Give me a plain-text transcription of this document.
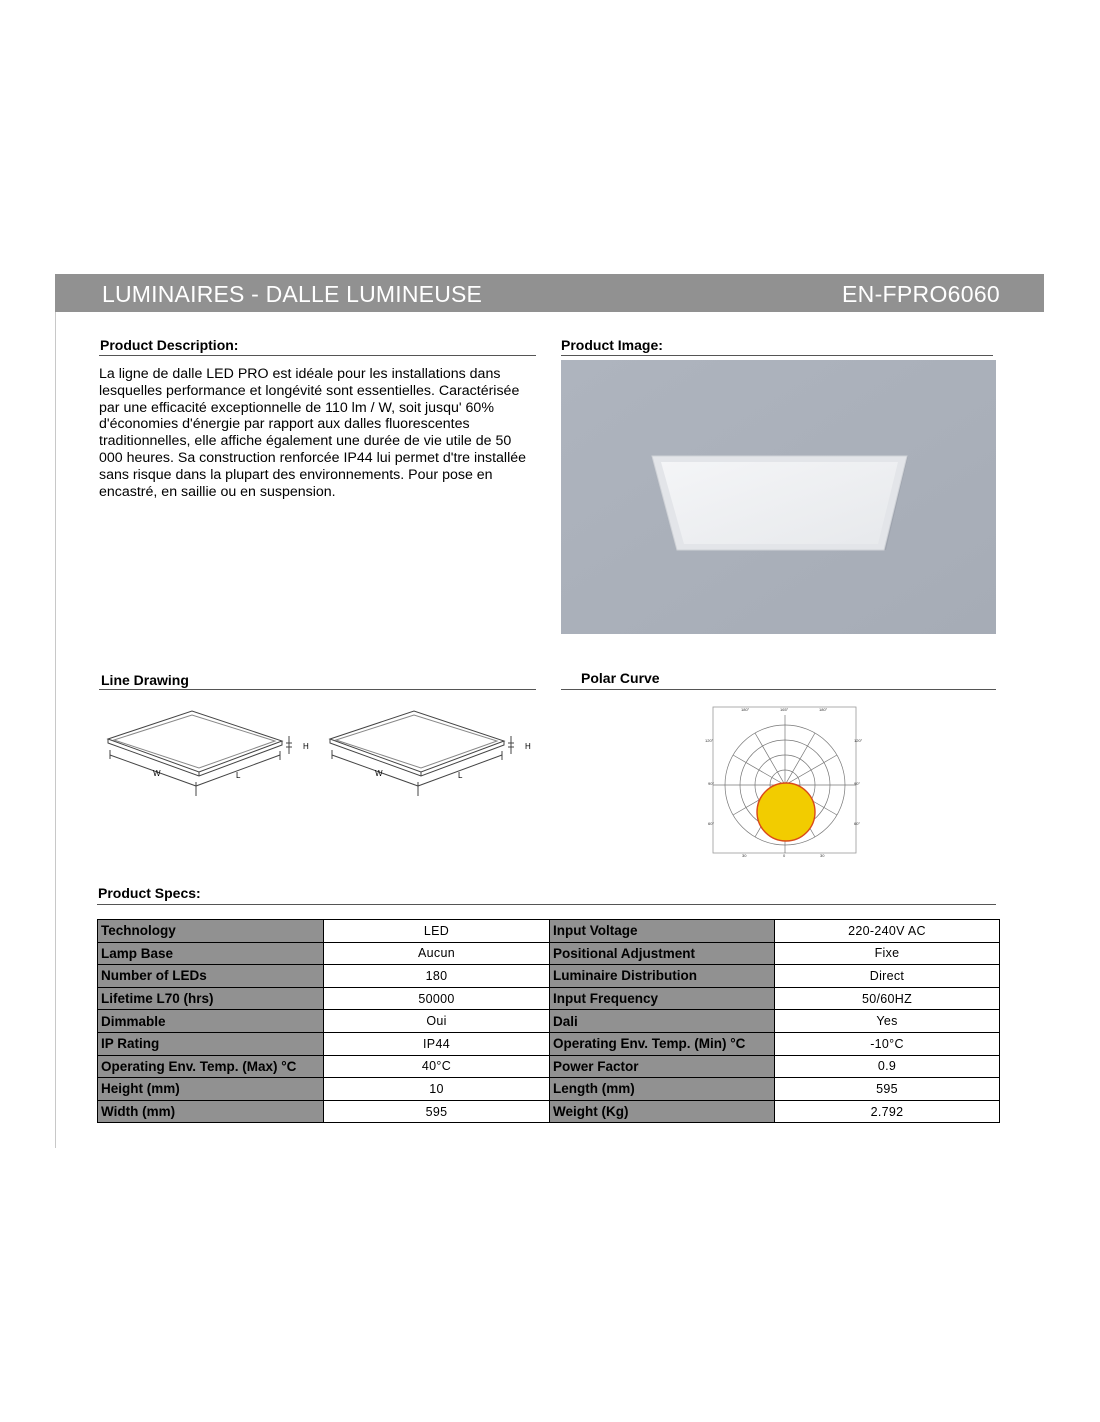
LUMINAIRES - DALLE LUMINEUSE	EN-FPRO6060
Product Description:
La ligne de dalle LED PRO est idéale pour les installations dans lesquelles performance et longévité sont essentielles. Caractérisée par une efficacité exceptionnelle de 110 lm / W, soit jusqu' 60% d'économies d'énergie par rapport aux dalles fluorescentes traditionnelles, elle affiche également une durée de vie utile de 50 000 heures. Sa construction renforcée IP44 lui permet d'tre installée sans risque dans la plupart des environnements. Pour pose en encastré, en saillie ou en suspension.
Product Image:
Line Drawing
W	L
H
W	L
H
Polar Curve
180°	165°	180°
120°	120°
90°	90°
60°	60°
30	0	30
Product Specs:
Technology	LED	Input Voltage	220-240V AC
Lamp Base	Aucun	Positional Adjustment	Fixe
Number of LEDs	180	Luminaire Distribution	Direct
Lifetime L70 (hrs)	50000	Input Frequency	50/60HZ
Dimmable	Oui	Dali	Yes
IP Rating	IP44	Operating Env. Temp. (Min) °C	-10°C
Operating Env. Temp. (Max) °C	40°C	Power Factor	0.9
Height (mm)	10	Length (mm)	595
Width (mm)	595	Weight (Kg)	2.792
